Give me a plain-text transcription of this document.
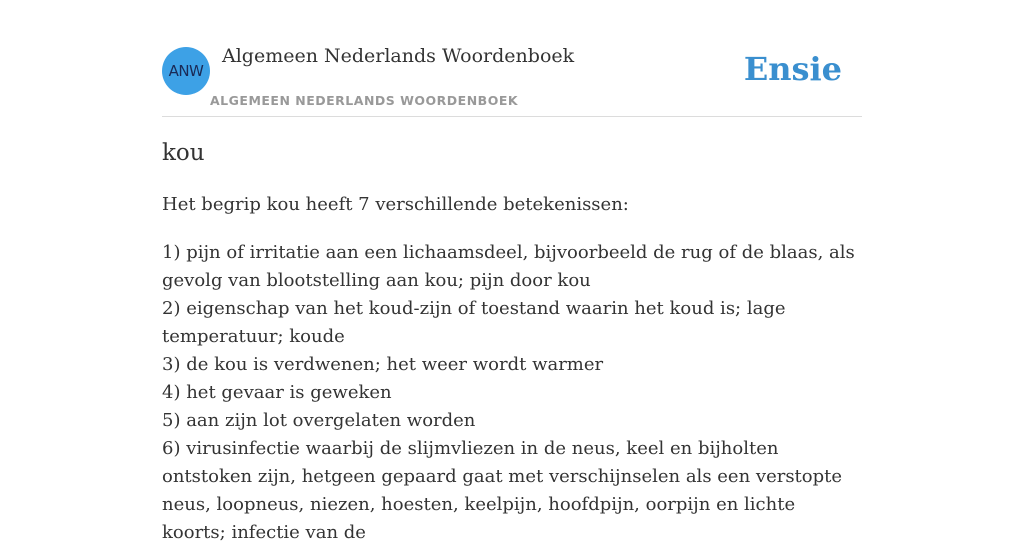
ANW
Algemeen Nederlands Woordenboek
ALGEMEEN NEDERLANDS WOORDENBOEK
Ensie
kou

Het begrip kou heeft 7 verschillende betekenissen:

1) pijn of irritatie aan een lichaamsdeel, bijvoorbeeld de rug of de blaas, als gevolg van blootstelling aan kou; pijn door kou
2) eigenschap van het koud-zijn of toestand waarin het koud is; lage temperatuur; koude
3) de kou is verdwenen; het weer wordt warmer
4) het gevaar is geweken
5) aan zijn lot overgelaten worden
6) virusinfectie waarbij de slijmvliezen in de neus, keel en bijholten ontstoken zijn, hetgeen gepaard gaat met verschijnselen als een verstopte neus, loopneus, niezen, hoesten, keelpijn, hoofdpijn, oorpijn en lichte koorts; infectie van de
